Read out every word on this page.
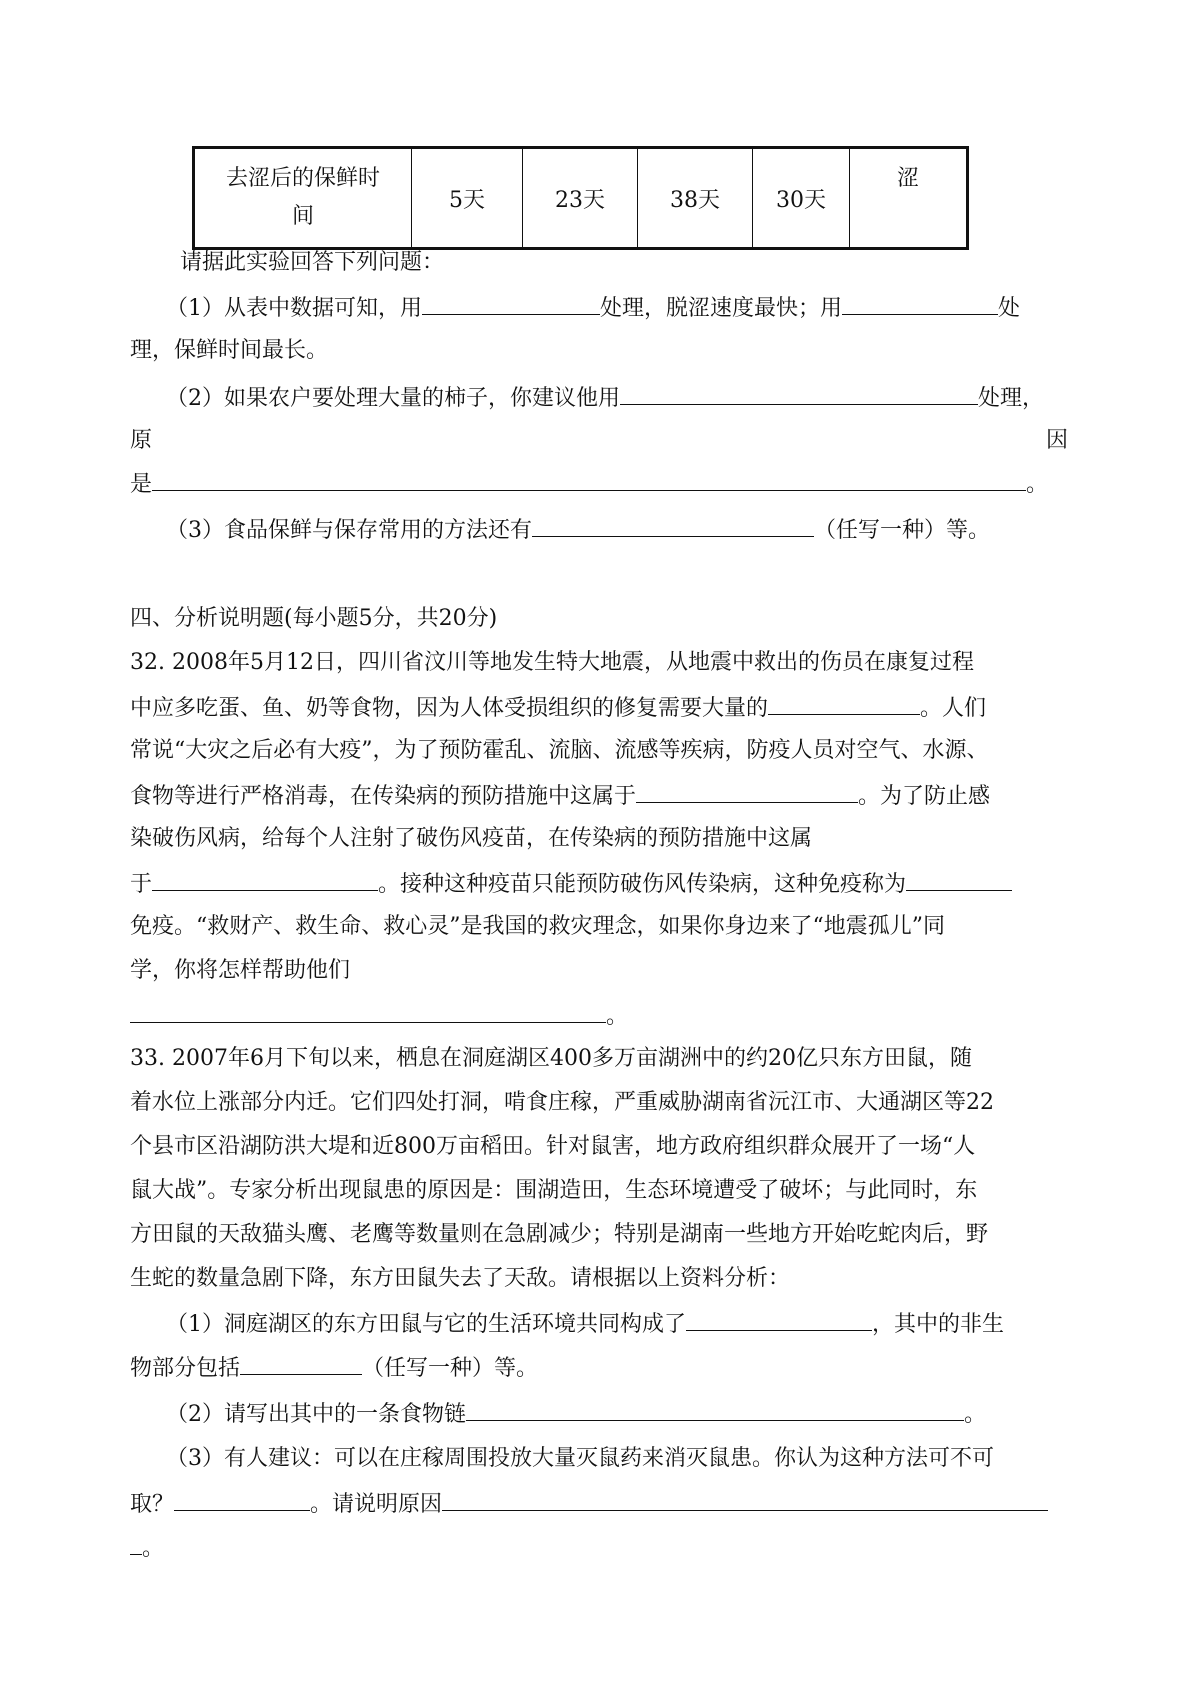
去涩后的保鲜时
间	5天	23天	38天	30天	涩
请据此实验回答下列问题：
（1）从表中数据可知，用	处理，脱涩速度最快；用	处
理，保鲜时间最长。
（2）如果农户要处理大量的柿子，你建议他用	处理，
原	因
是	。
（3）食品保鲜与保存常用的方法还有	（任写一种）等。
四、分析说明题(每小题5分，共20分)
32. 2008年5月12日，四川省汶川等地发生特大地震，从地震中救出的伤员在康复过程
中应多吃蛋、鱼、奶等食物，因为人体受损组织的修复需要大量的	。人们
常说“大灾之后必有大疫”，为了预防霍乱、流脑、流感等疾病，防疫人员对空气、水源、
食物等进行严格消毒，在传染病的预防措施中这属于	。为了防止感
染破伤风病，给每个人注射了破伤风疫苗，在传染病的预防措施中这属
于	。接种这种疫苗只能预防破伤风传染病，这种免疫称为
免疫。“救财产、救生命、救心灵”是我国的救灾理念，如果你身边来了“地震孤儿”同
学，你将怎样帮助他们
。
33. 2007年6月下旬以来，栖息在洞庭湖区400多万亩湖洲中的约20亿只东方田鼠，随
着水位上涨部分内迁。它们四处打洞，啃食庄稼，严重威胁湖南省沅江市、大通湖区等22
个县市区沿湖防洪大堤和近800万亩稻田。针对鼠害，地方政府组织群众展开了一场“人
鼠大战”。专家分析出现鼠患的原因是：围湖造田，生态环境遭受了破坏；与此同时，东
方田鼠的天敌猫头鹰、老鹰等数量则在急剧减少；特别是湖南一些地方开始吃蛇肉后，野
生蛇的数量急剧下降，东方田鼠失去了天敌。请根据以上资料分析：
（1）洞庭湖区的东方田鼠与它的生活环境共同构成了	，其中的非生
物部分包括	（任写一种）等。
（2）请写出其中的一条食物链	。
（3）有人建议：可以在庄稼周围投放大量灭鼠药来消灭鼠患。你认为这种方法可不可
取？	。请说明原因
。
